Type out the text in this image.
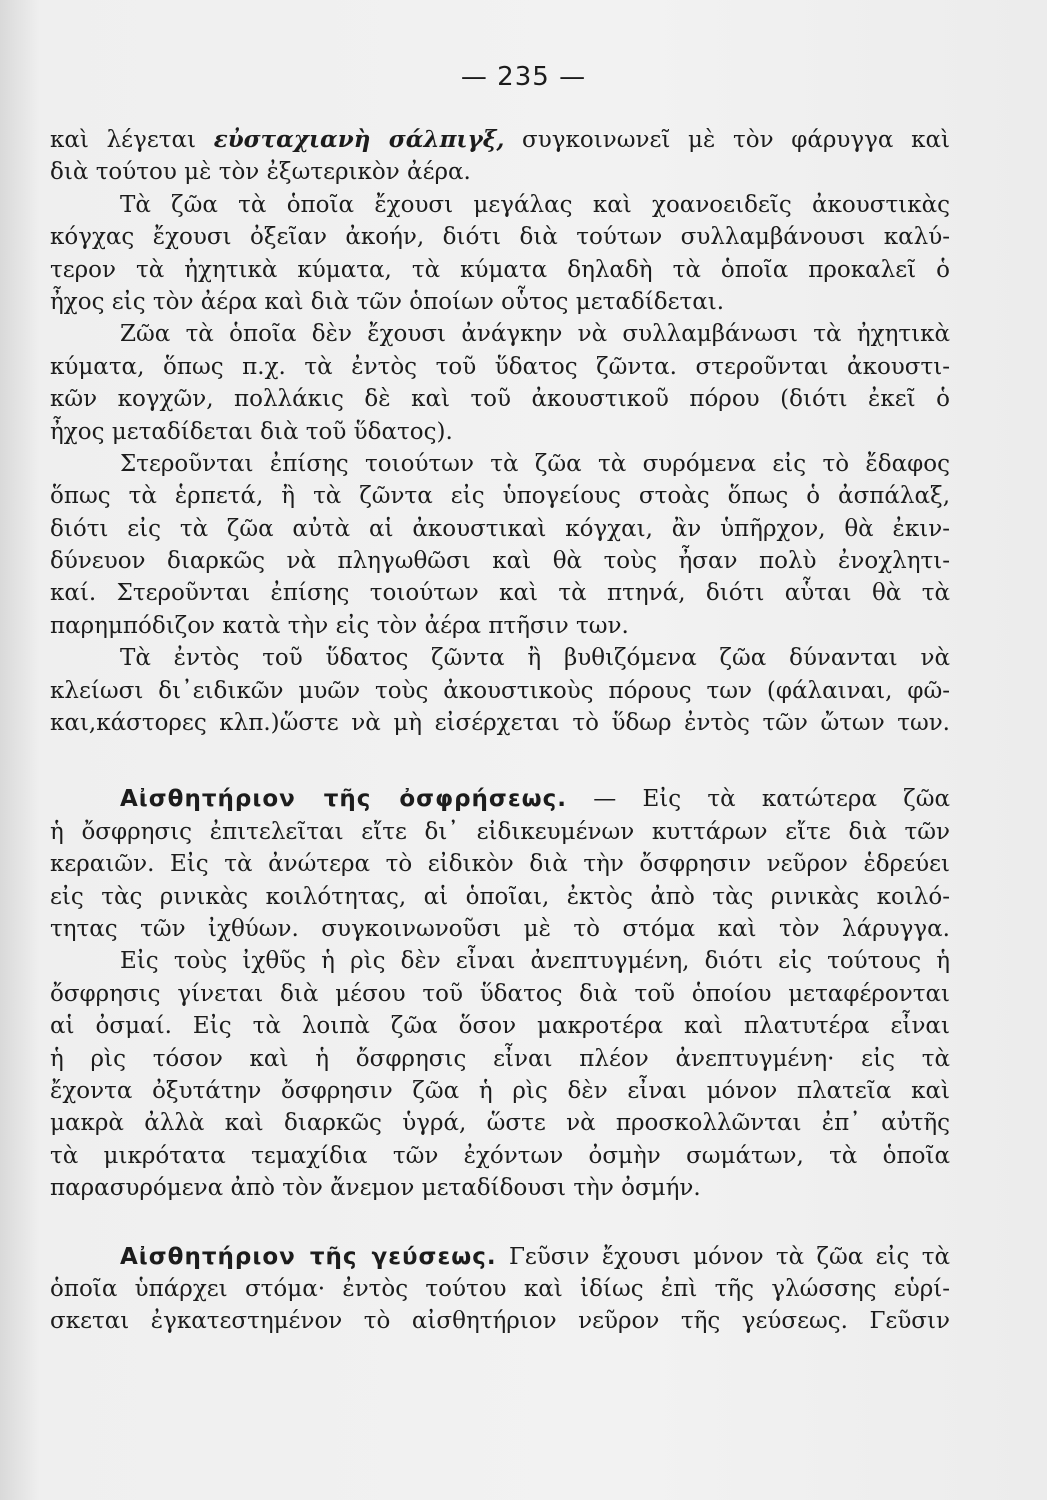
— 235 —
καὶ λέγεται εὐσταχιανὴ σάλπιγξ, συγκοινωνεῖ μὲ τὸν φάρυγγα καὶ
διὰ τούτου μὲ τὸν ἐξωτερικὸν ἀέρα.
Τὰ ζῶα τὰ ὁποῖα ἔχουσι μεγάλας καὶ χοανοειδεῖς ἀκουστικὰς
κόγχας ἔχουσι ὀξεῖαν ἀκοήν, διότι διὰ τούτων συλλαμβάνουσι καλύ-
τερον τὰ ἠχητικὰ κύματα, τὰ κύματα δηλαδὴ τὰ ὁποῖα προκαλεῖ ὁ
ἦχος εἰς τὸν ἀέρα καὶ διὰ τῶν ὁποίων οὗτος μεταδίδεται.
Ζῶα τὰ ὁποῖα δὲν ἔχουσι ἀνάγκην νὰ συλλαμβάνωσι τὰ ἠχητικὰ
κύματα, ὅπως π.χ. τὰ ἐντὸς τοῦ ὕδατος ζῶντα. στεροῦνται ἀκουστι-
κῶν κογχῶν, πολλάκις δὲ καὶ τοῦ ἀκουστικοῦ πόρου (διότι ἐκεῖ ὁ
ἦχος μεταδίδεται διὰ τοῦ ὕδατος).
Στεροῦνται ἐπίσης τοιούτων τὰ ζῶα τὰ συρόμενα εἰς τὸ ἔδαφος
ὅπως τὰ ἑρπετά, ἢ τὰ ζῶντα εἰς ὑπογείους στοὰς ὅπως ὁ ἀσπάλαξ,
διότι εἰς τὰ ζῶα αὐτὰ αἱ ἀκουστικαὶ κόγχαι, ἂν ὑπῆρχον, θὰ ἐκιν-
δύνευον διαρκῶς νὰ πληγωθῶσι καὶ θὰ τοὺς ἦσαν πολὺ ἐνοχλητι-
καί. Στεροῦνται ἐπίσης τοιούτων καὶ τὰ πτηνά, διότι αὗται θὰ τὰ
παρημπόδιζον κατὰ τὴν εἰς τὸν ἀέρα πτῆσιν των.
Τὰ ἐντὸς τοῦ ὕδατος ζῶντα ἢ βυθιζόμενα ζῶα δύνανται νὰ
κλείωσι δι᾿ειδικῶν μυῶν τοὺς ἀκουστικοὺς πόρους των (φάλαιναι, φῶ-
και,κάστορες κλπ.)ὥστε νὰ μὴ εἰσέρχεται τὸ ὕδωρ ἐντὸς τῶν ὤτων των.
Αἰσθητήριον τῆς ὀσφρήσεως. — Εἰς τὰ κατώτερα ζῶα
ἡ ὄσφρησις ἐπιτελεῖται εἴτε δι᾿ εἰδικευμένων κυττάρων εἴτε διὰ τῶν
κεραιῶν. Εἰς τὰ ἀνώτερα τὸ εἰδικὸν διὰ τὴν ὄσφρησιν νεῦρον ἑδρεύει
εἰς τὰς ρινικὰς κοιλότητας, αἱ ὁποῖαι, ἐκτὸς ἀπὸ τὰς ρινικὰς κοιλό-
τητας τῶν ἰχθύων. συγκοινωνοῦσι μὲ τὸ στόμα καὶ τὸν λάρυγγα.
Εἰς τοὺς ἰχθῦς ἡ ρὶς δὲν εἶναι ἀνεπτυγμένη, διότι εἰς τούτους ἡ
ὄσφρησις γίνεται διὰ μέσου τοῦ ὕδατος διὰ τοῦ ὁποίου μεταφέρονται
αἱ ὀσμαί. Εἰς τὰ λοιπὰ ζῶα ὅσον μακροτέρα καὶ πλατυτέρα εἶναι
ἡ ρὶς τόσον καὶ ἡ ὄσφρησις εἶναι πλέον ἀνεπτυγμένη· εἰς τὰ
ἔχοντα ὀξυτάτην ὄσφρησιν ζῶα ἡ ρὶς δὲν εἶναι μόνον πλατεῖα καὶ
μακρὰ ἀλλὰ καὶ διαρκῶς ὑγρά, ὥστε νὰ προσκολλῶνται ἐπ᾿ αὐτῆς
τὰ μικρότατα τεμαχίδια τῶν ἐχόντων ὀσμὴν σωμάτων, τὰ ὁποῖα
παρασυρόμενα ἀπὸ τὸν ἄνεμον μεταδίδουσι τὴν ὀσμήν.
Αἰσθητήριον τῆς γεύσεως. Γεῦσιν ἔχουσι μόνον τὰ ζῶα εἰς τὰ
ὁποῖα ὑπάρχει στόμα· ἐντὸς τούτου καὶ ἰδίως ἐπὶ τῆς γλώσσης εὑρί-
σκεται ἐγκατεστημένον τὸ αἰσθητήριον νεῦρον τῆς γεύσεως. Γεῦσιν
